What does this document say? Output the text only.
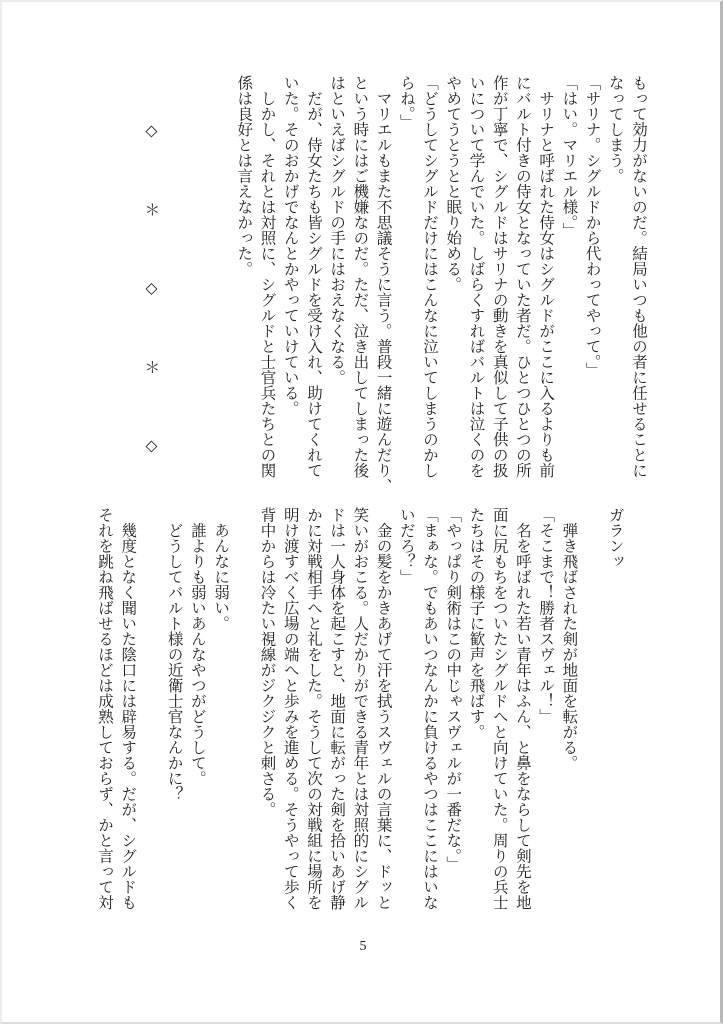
もって効力がないのだ。結局いつも他の者に任せることに
なってしまう。
「サリナ。シグルドから代わってやって。」
「はい。マリエル様。」
　サリナと呼ばれた侍女はシグルドがここに入るよりも前
にバルト付きの侍女となっていた者だ。ひとつひとつの所
作が丁寧で、シグルドはサリナの動きを真似して子供の扱
いについて学んでいた。しばらくすればバルトは泣くのを
やめてうとうとと眠り始める。
「どうしてシグルドだけにはこんなに泣いてしまうのかし
らね。」
　マリエルもまた不思議そうに言う。普段一緒に遊んだり、
という時にはご機嫌なのだ。ただ、泣き出してしまった後
はといえばシグルドの手にはおえなくなる。
　だが、侍女たちも皆シグルドを受け入れ、助けてくれて
いた。そのおかげでなんとかやっていけている。
　しかし、それとは対照に、シグルドと士官兵たちとの関
係は良好とは言えなかった。
　　　◇　　　　＊　　　　◇　　　　＊　　　　◇
ガランッ
　弾き飛ばされた剣が地面を転がる。
「そこまで！勝者スヴェル！」
　名を呼ばれた若い青年はふん、と鼻をならして剣先を地
面に尻もちをついたシグルドへと向けていた。周りの兵士
たちはその様子に歓声を飛ばす。
「やっぱり剣術はこの中じゃスヴェルが一番だな。」
「まぁな。でもあいつなんかに負けるやつはここにはいな
いだろ？」
　金の髪をかきあげて汗を拭うスヴェルの言葉に、ドッと
笑いがおこる。人だかりができる青年とは対照的にシグル
ドは一人身体を起こすと、地面に転がった剣を拾いあげ静
かに対戦相手へと礼をした。そうして次の対戦組に場所を
明け渡すべく広場の端へと歩みを進める。そうやって歩く
背中からは冷たい視線がジクジクと刺さる。
　あんなに弱い。
　誰よりも弱いあんなやつがどうして。
　どうしてバルト様の近衛士官なんかに？
　幾度となく聞いた陰口には辟易する。だが、シグルドも
それを跳ね飛ばせるほどは成熟しておらず、かと言って対
5
